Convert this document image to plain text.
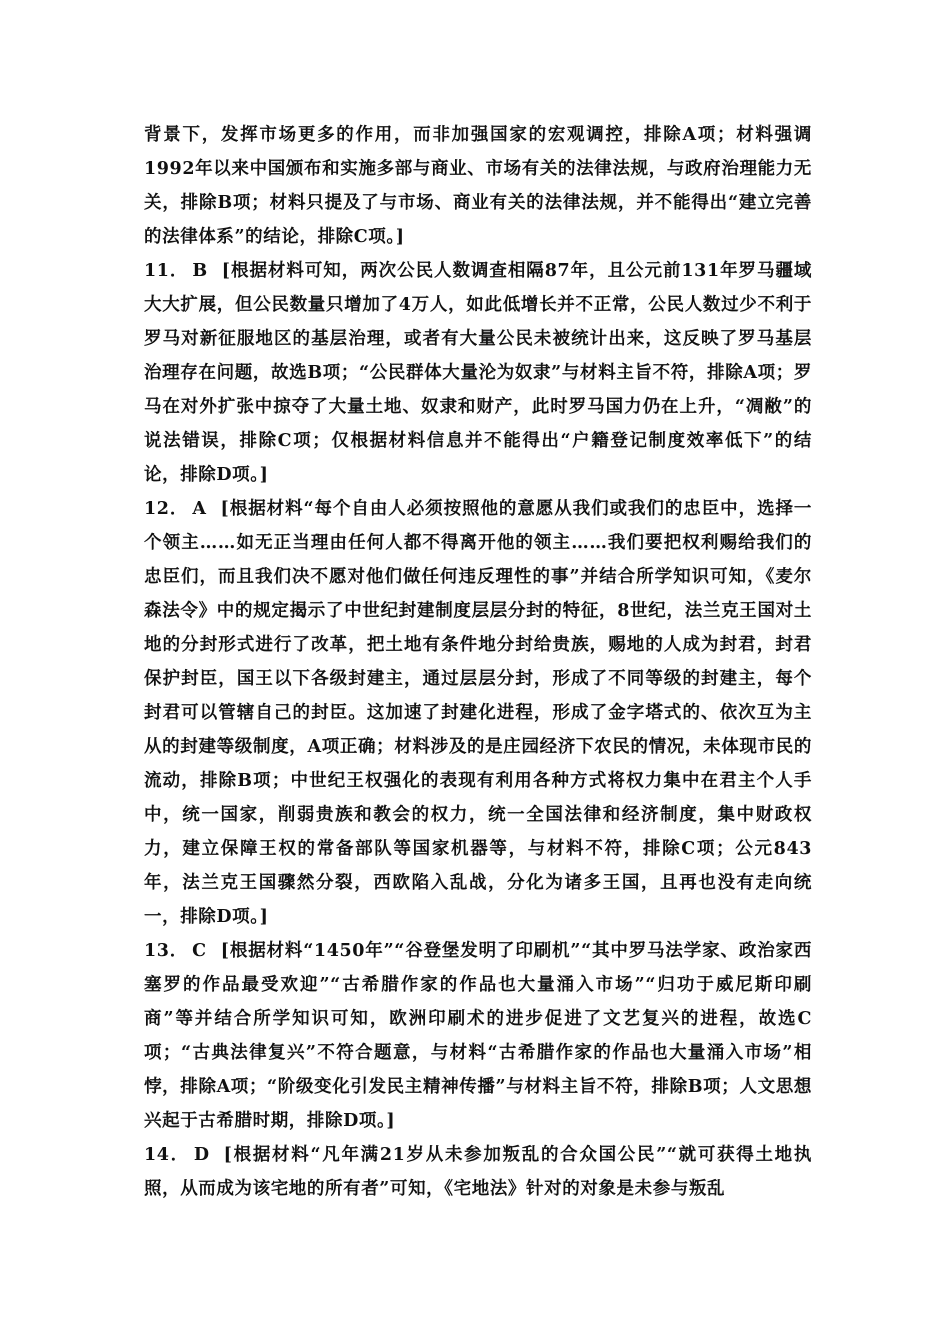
背景下，发挥市场更多的作用，而非加强国家的宏观调控，排除A项；材料强调1992年以来中国颁布和实施多部与商业、市场有关的法律法规，与政府治理能力无关，排除B项；材料只提及了与市场、商业有关的法律法规，并不能得出“建立完善的法律体系”的结论，排除C项。]

11． B [根据材料可知，两次公民人数调查相隔87年，且公元前131年罗马疆域大大扩展，但公民数量只增加了4万人，如此低增长并不正常，公民人数过少不利于罗马对新征服地区的基层治理，或者有大量公民未被统计出来，这反映了罗马基层治理存在问题，故选B项；“公民群体大量沦为奴隶”与材料主旨不符，排除A项；罗马在对外扩张中掠夺了大量土地、奴隶和财产，此时罗马国力仍在上升，“凋敝”的说法错误，排除C项；仅根据材料信息并不能得出“户籍登记制度效率低下”的结论，排除D项。]

12． A [根据材料“每个自由人必须按照他的意愿从我们或我们的忠臣中，选择一个领主……如无正当理由任何人都不得离开他的领主……我们要把权利赐给我们的忠臣们，而且我们决不愿对他们做任何违反理性的事”并结合所学知识可知，《麦尔森法令》中的规定揭示了中世纪封建制度层层分封的特征，8世纪，法兰克王国对土地的分封形式进行了改革，把土地有条件地分封给贵族，赐地的人成为封君，封君保护封臣，国王以下各级封建主，通过层层分封，形成了不同等级的封建主，每个封君可以管辖自己的封臣。这加速了封建化进程，形成了金字塔式的、依次互为主从的封建等级制度，A项正确；材料涉及的是庄园经济下农民的情况，未体现市民的流动，排除B项；中世纪王权强化的表现有利用各种方式将权力集中在君主个人手中，统一国家，削弱贵族和教会的权力，统一全国法律和经济制度，集中财政权力，建立保障王权的常备部队等国家机器等，与材料不符，排除C项；公元843年，法兰克王国骤然分裂，西欧陷入乱战，分化为诸多王国，且再也没有走向统一，排除D项。]

13． C [根据材料“1450年”“谷登堡发明了印刷机”“其中罗马法学家、政治家西塞罗的作品最受欢迎”“古希腊作家的作品也大量涌入市场”“归功于威尼斯印刷商”等并结合所学知识可知，欧洲印刷术的进步促进了文艺复兴的进程，故选C项；“古典法律复兴”不符合题意，与材料“古希腊作家的作品也大量涌入市场”相悖，排除A项；“阶级变化引发民主精神传播”与材料主旨不符，排除B项；人文思想兴起于古希腊时期，排除D项。]

14． D [根据材料“凡年满21岁从未参加叛乱的合众国公民”“就可获得土地执照，从而成为该宅地的所有者”可知，《宅地法》针对的对象是未参与叛乱
